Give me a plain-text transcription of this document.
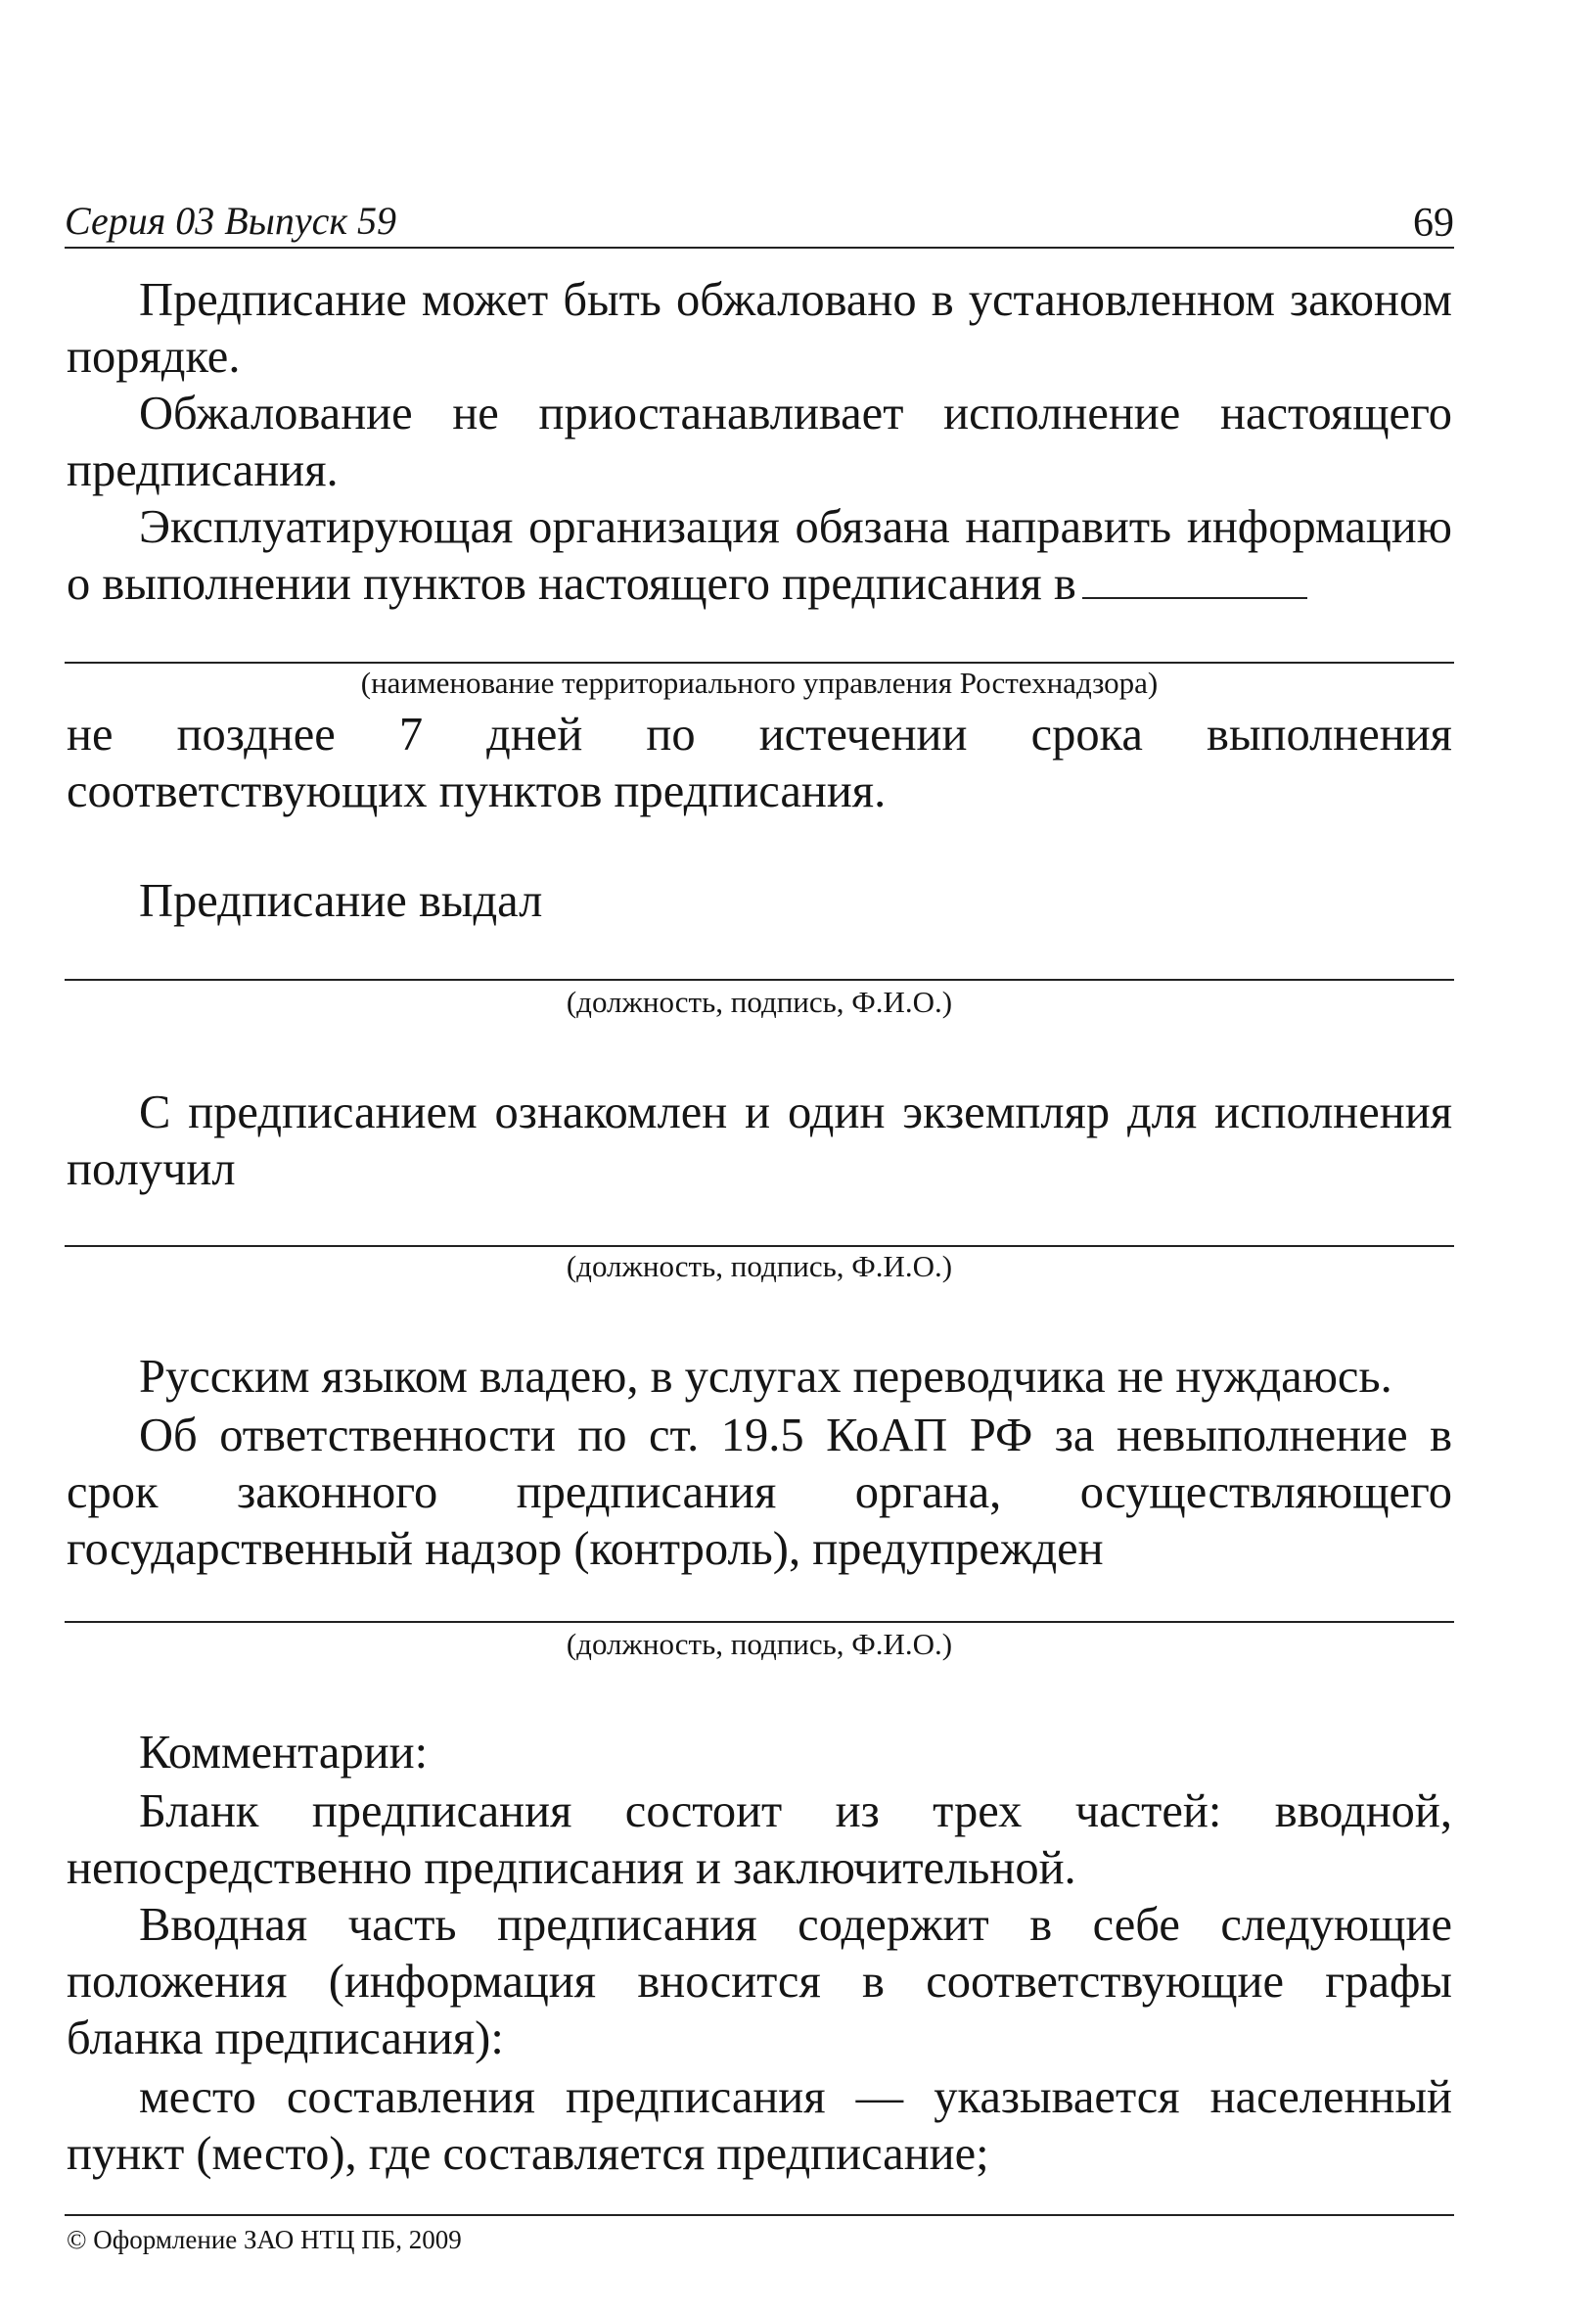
Серия 03 Выпуск 59	69

Предписание может быть обжаловано в установленном законом порядке.

Обжалование не приостанавливает исполнение настоящего предписания.

Эксплуатирующая организация обязана направить информацию о выполнении пунктов настоящего предписания в

(наименование территориального управления Ростехнадзора)

не позднее 7 дней по истечении срока выполнения соответствующих пунктов предписания.

Предписание выдал

(должность, подпись, Ф.И.О.)

С предписанием ознакомлен и один экземпляр для исполнения получил

(должность, подпись, Ф.И.О.)

Русским языком владею, в услугах переводчика не нуждаюсь.

Об ответственности по ст. 19.5 КоАП РФ за невыполнение в срок законного предписания органа, осуществляющего государственный надзор (контроль), предупрежден

(должность, подпись, Ф.И.О.)

Комментарии:

Бланк предписания состоит из трех частей: вводной, непосредственно предписания и заключительной.

Вводная часть предписания содержит в себе следующие положения (информация вносится в соответствующие графы бланка предписания):

место составления предписания — указывается населенный пункт (место), где составляется предписание;

© Оформление ЗАО НТЦ ПБ, 2009
